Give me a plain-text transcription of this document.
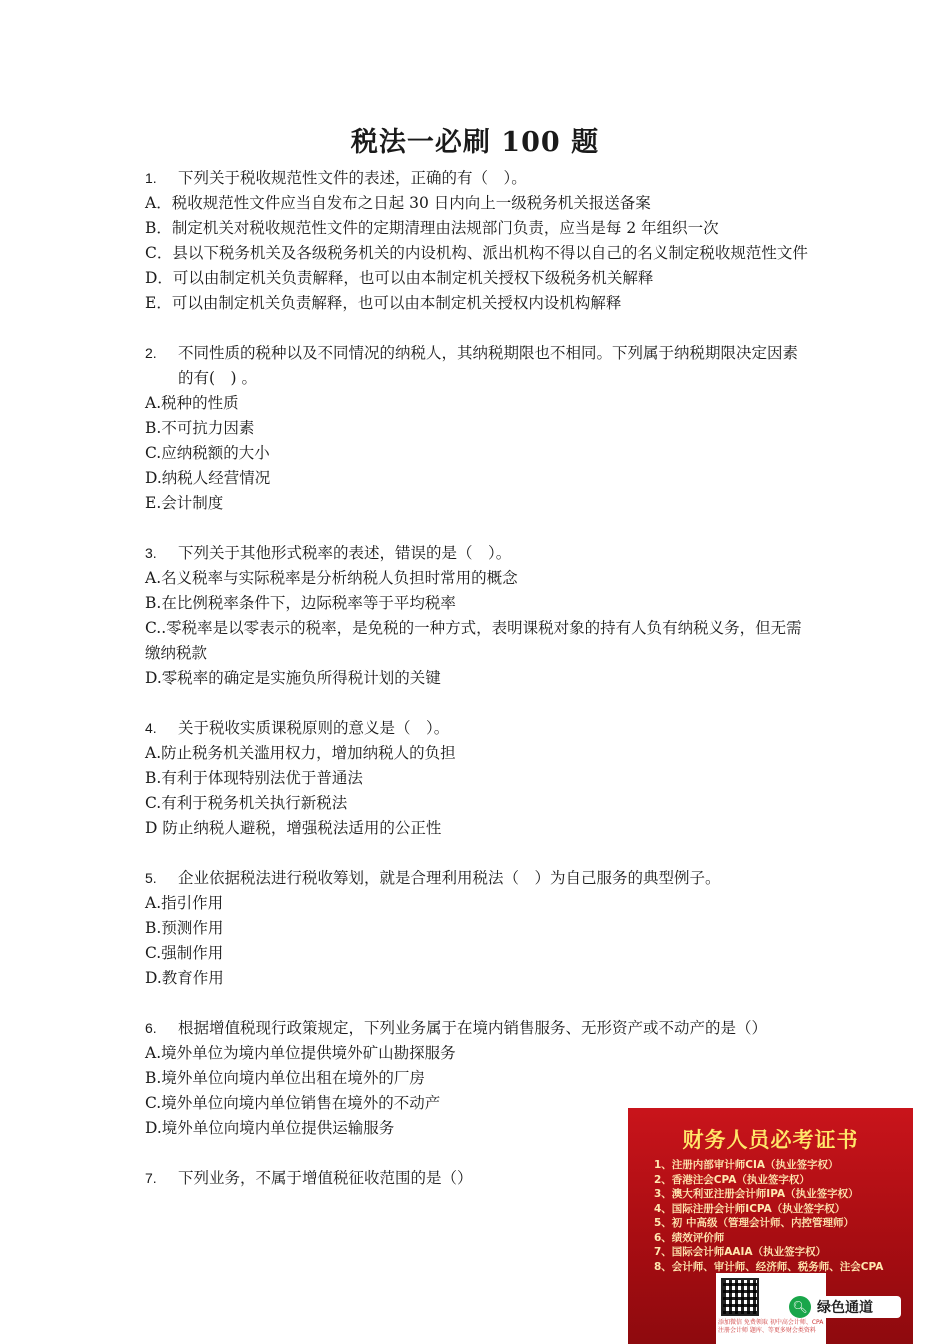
税法一必刷 100 题
1.	下列关于税收规范性文件的表述，正确的有（　）。
A．税收规范性文件应当自发布之日起 30 日内向上一级税务机关报送备案
B．制定机关对税收规范性文件的定期清理由法规部门负责，应当是每 2 年组织一次
C．县以下税务机关及各级税务机关的内设机构、派出机构不得以自己的名义制定税收规范性文件
D．可以由制定机关负责解释，也可以由本制定机关授权下级税务机关解释
E．可以由制定机关负责解释，也可以由本制定机关授权内设机构解释
2.	不同性质的税种以及不同情况的纳税人，其纳税期限也不相同。下列属于纳税期限决定因素的有(　) 。
A.税种的性质
B.不可抗力因素
C.应纳税额的大小
D.纳税人经营情况
E.会计制度
3.	下列关于其他形式税率的表述，错误的是（　）。
A.名义税率与实际税率是分析纳税人负担时常用的概念
B.在比例税率条件下，边际税率等于平均税率
C..零税率是以零表示的税率，是免税的一种方式，表明课税对象的持有人负有纳税义务，但无需缴纳税款
D.零税率的确定是实施负所得税计划的关键
4.	关于税收实质课税原则的意义是（　）。
A.防止税务机关滥用权力，增加纳税人的负担
B.有利于体现特别法优于普通法
C.有利于税务机关执行新税法
D 防止纳税人避税，增强税法适用的公正性
5.	企业依据税法进行税收筹划，就是合理利用税法（　）为自己服务的典型例子。
A.指引作用
B.预测作用
C.强制作用
D.教育作用
6.	根据增值税现行政策规定，下列业务属于在境内销售服务、无形资产或不动产的是（）
A.境外单位为境内单位提供境外矿山勘探服务
B.境外单位向境内单位出租在境外的厂房
C.境外单位向境内单位销售在境外的不动产
D.境外单位向境内单位提供运输服务
7.	下列业务，不属于增值税征收范围的是（）
财务人员必考证书
1、注册内部审计师CIA（执业签字权）
2、香港注会CPA（执业签字权）
3、澳大利亚注册会计师IPA（执业签字权）
4、国际注册会计师ICPA（执业签字权）
5、初 中高级（管理会计师、内控管理师）
6、绩效评价师
7、国际会计师AAIA（执业签字权）
8、会计师、审计师、经济师、税务师、注会CPA
添加微信 免费领取 初中高会计师、CPA注册会计师 题库、等更多财会类资料
🔍︎ 绿色通道
